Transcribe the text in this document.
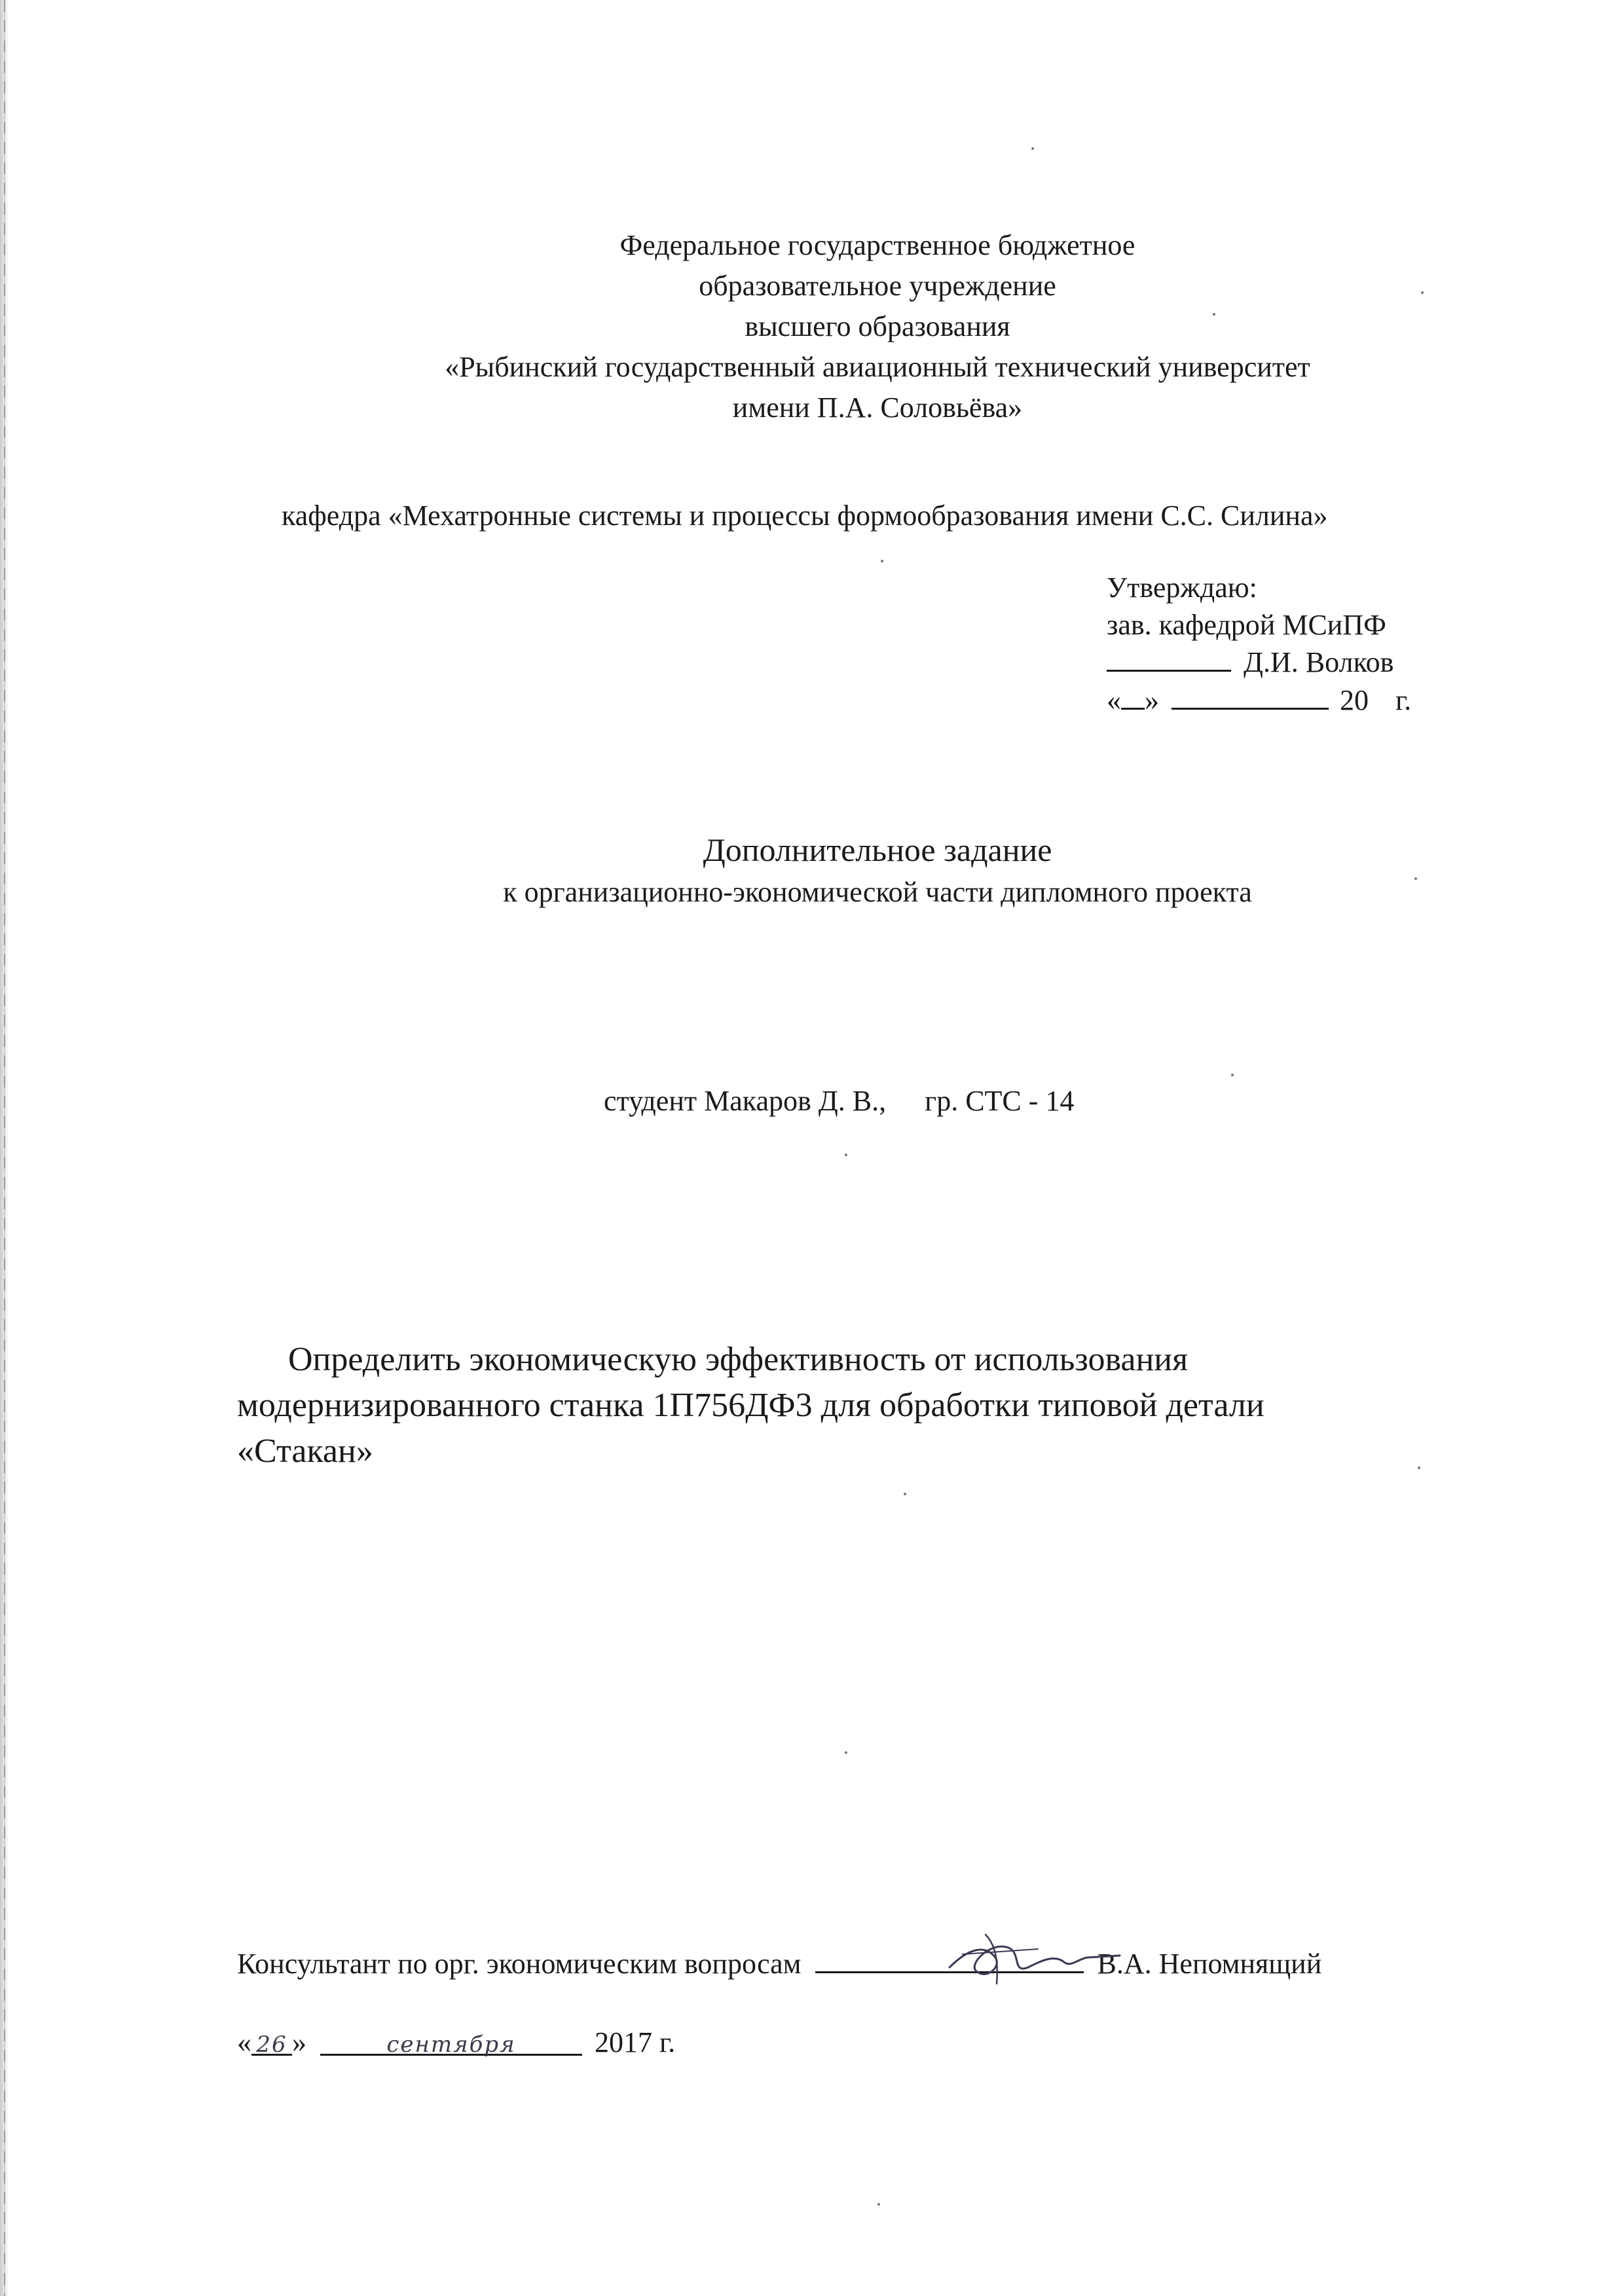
Федеральное государственное бюджетное
образовательное учреждение
высшего образования
«Рыбинский государственный авиационный технический университет
имени П.А. Соловьёва»
кафедра «Мехатронные системы и процессы формообразования имени С.С. Силина»
Утверждаю:
зав. кафедрой МСиПФ
Д.И. Волков
« »	20 г.
Дополнительное задание
к организационно-экономической части дипломного проекта
студент Макаров Д. В., гр. СТС - 14
Определить экономическую эффективность от использования
модернизированного станка 1П756ДФ3 для обработки типовой детали
«Стакан»
Консультант по орг. экономическим вопросам	В.А. Непомнящий
« 26 »	сентября	2017 г.
